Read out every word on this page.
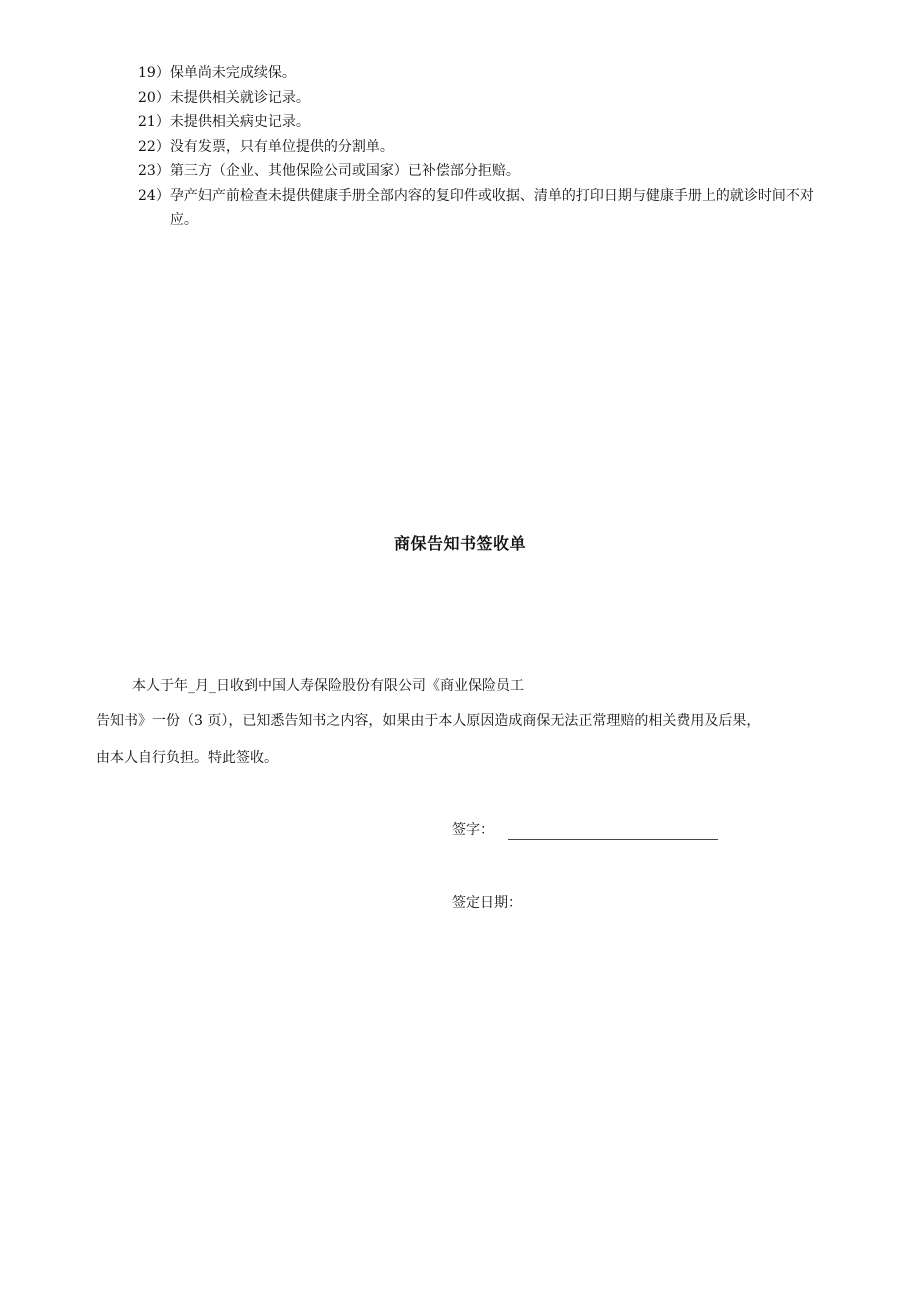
19） 保单尚未完成续保。
20） 未提供相关就诊记录。
21） 未提供相关病史记录。
22） 没有发票，只有单位提供的分割单。
23） 第三方（企业、其他保险公司或国家）已补偿部分拒赔。
24） 孕产妇产前检查未提供健康手册全部内容的复印件或收据、清单的打印日期与健康手册上的就诊时间不对应。
商保告知书签收单
本人于年_月_日收到中国人寿保险股份有限公司《商业保险员工
告知书》一份（3 页），已知悉告知书之内容，如果由于本人原因造成商保无法正常理赔的相关费用及后果，
由本人自行负担。特此签收。
签字：
签定日期：
